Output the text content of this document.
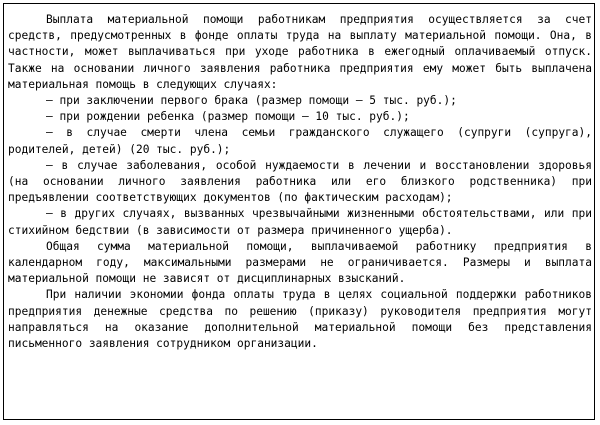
Выплата материальной помощи работникам предприятия осуществляется за счет средств, предусмотренных в фонде оплаты труда на выплату материальной помощи. Она, в частности, может выплачиваться при уходе работника в ежегодный оплачиваемый отпуск. Также на основании личного заявления работника предприятия ему может быть выплачена материальная помощь в следующих случаях:

– при заключении первого брака (размер помощи – 5 тыс. руб.);

– при рождении ребенка (размер помощи – 10 тыс. руб.);

– в случае смерти члена семьи гражданского служащего (супруги (супруга), родителей, детей) (20 тыс. руб.);

– в случае заболевания, особой нуждаемости в лечении и восстановлении здоровья (на основании личного заявления работника или его близкого родственника) при предъявлении соответствующих документов (по фактическим расходам);

– в других случаях, вызванных чрезвычайными жизненными обстоятельствами, или при стихийном бедствии (в зависимости от размера причиненного ущерба).

Общая сумма материальной помощи, выплачиваемой работнику предприятия в календарном году, максимальными размерами не ограничивается. Размеры и выплата материальной помощи не зависят от дисциплинарных взысканий.

При наличии экономии фонда оплаты труда в целях социальной поддержки работников предприятия денежные средства по решению (приказу) руководителя предприятия могут направляться на оказание дополнительной материальной помощи без представления письменного заявления сотрудником организации.
